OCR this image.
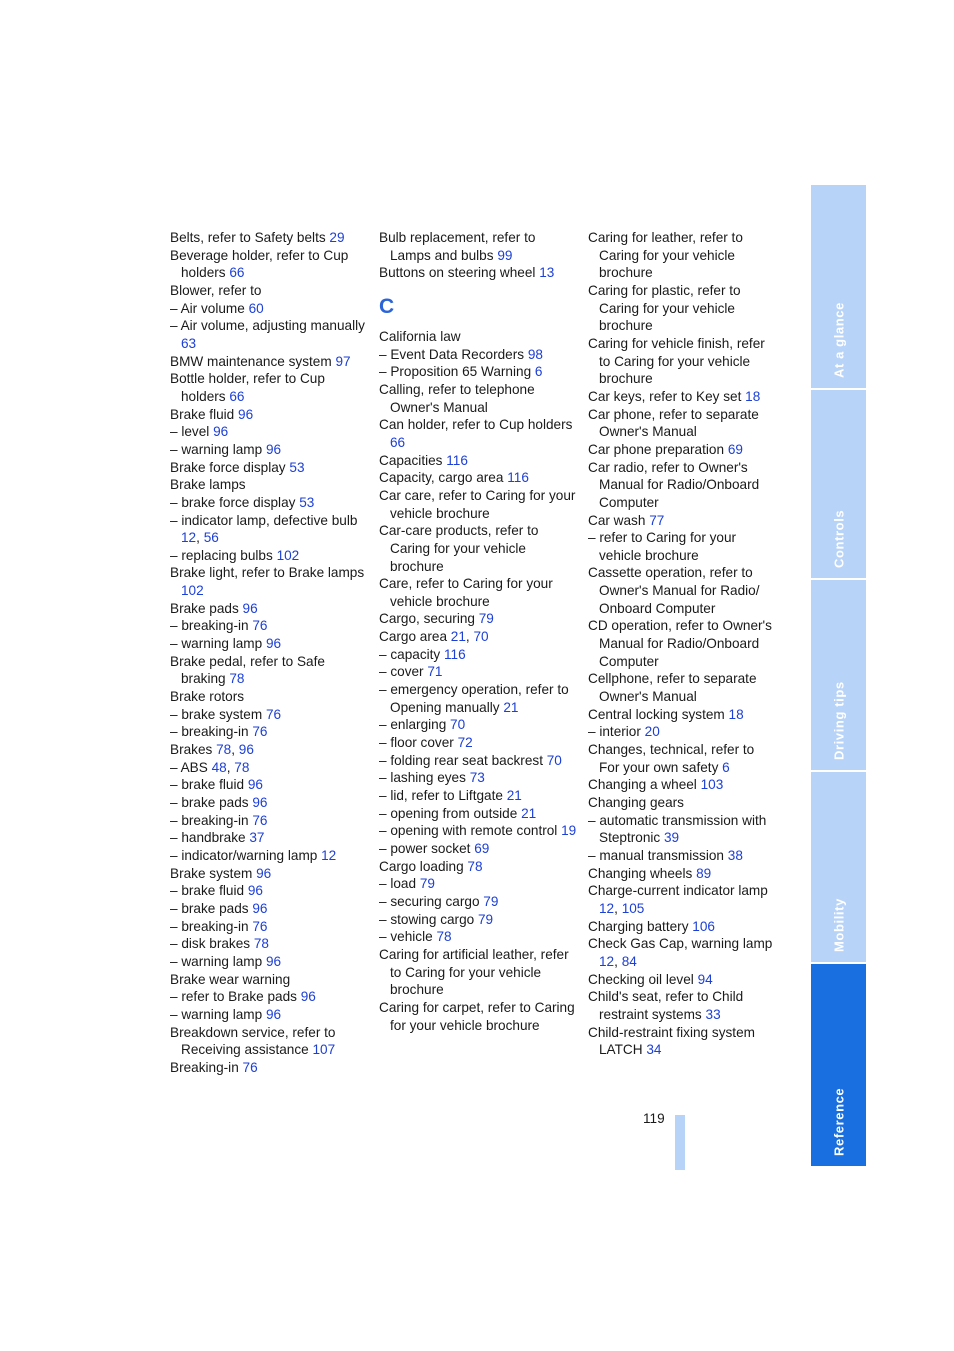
Belts, refer to Safety belts 29
Beverage holder, refer to Cup holders 66
Blower, refer to
– Air volume 60
– Air volume, adjusting manually 63
BMW maintenance system 97
Bottle holder, refer to Cup holders 66
Brake fluid 96
– level 96
– warning lamp 96
Brake force display 53
Brake lamps
– brake force display 53
– indicator lamp, defective bulb 12, 56
– replacing bulbs 102
Brake light, refer to Brake lamps 102
Brake pads 96
– breaking-in 76
– warning lamp 96
Brake pedal, refer to Safe braking 78
Brake rotors
– brake system 76
– breaking-in 76
Brakes 78, 96
– ABS 48, 78
– brake fluid 96
– brake pads 96
– breaking-in 76
– handbrake 37
– indicator/warning lamp 12
Brake system 96
– brake fluid 96
– brake pads 96
– breaking-in 76
– disk brakes 78
– warning lamp 96
Brake wear warning
– refer to Brake pads 96
– warning lamp 96
Breakdown service, refer to Receiving assistance 107
Breaking-in 76
Bulb replacement, refer to Lamps and bulbs 99
Buttons on steering wheel 13
C
California law
– Event Data Recorders 98
– Proposition 65 Warning 6
Calling, refer to telephone Owner's Manual
Can holder, refer to Cup holders 66
Capacities 116
Capacity, cargo area 116
Car care, refer to Caring for your vehicle brochure
Car-care products, refer to Caring for your vehicle brochure
Care, refer to Caring for your vehicle brochure
Cargo, securing 79
Cargo area 21, 70
– capacity 116
– cover 71
– emergency operation, refer to Opening manually 21
– enlarging 70
– floor cover 72
– folding rear seat backrest 70
– lashing eyes 73
– lid, refer to Liftgate 21
– opening from outside 21
– opening with remote control 19
– power socket 69
Cargo loading 78
– load 79
– securing cargo 79
– stowing cargo 79
– vehicle 78
Caring for artificial leather, refer to Caring for your vehicle brochure
Caring for carpet, refer to Caring for your vehicle brochure
Caring for leather, refer to Caring for your vehicle brochure
Caring for plastic, refer to Caring for your vehicle brochure
Caring for vehicle finish, refer to Caring for your vehicle brochure
Car keys, refer to Key set 18
Car phone, refer to separate Owner's Manual
Car phone preparation 69
Car radio, refer to Owner's Manual for Radio/Onboard Computer
Car wash 77
– refer to Caring for your vehicle brochure
Cassette operation, refer to Owner's Manual for Radio/ Onboard Computer
CD operation, refer to Owner's Manual for Radio/Onboard Computer
Cellphone, refer to separate Owner's Manual
Central locking system 18
– interior 20
Changes, technical, refer to For your own safety 6
Changing a wheel 103
Changing gears
– automatic transmission with Steptronic 39
– manual transmission 38
Changing wheels 89
Charge-current indicator lamp 12, 105
Charging battery 106
Check Gas Cap, warning lamp 12, 84
Checking oil level 94
Child's seat, refer to Child restraint systems 33
Child-restraint fixing system LATCH 34
At a glance
Controls
Driving tips
Mobility
Reference
119
